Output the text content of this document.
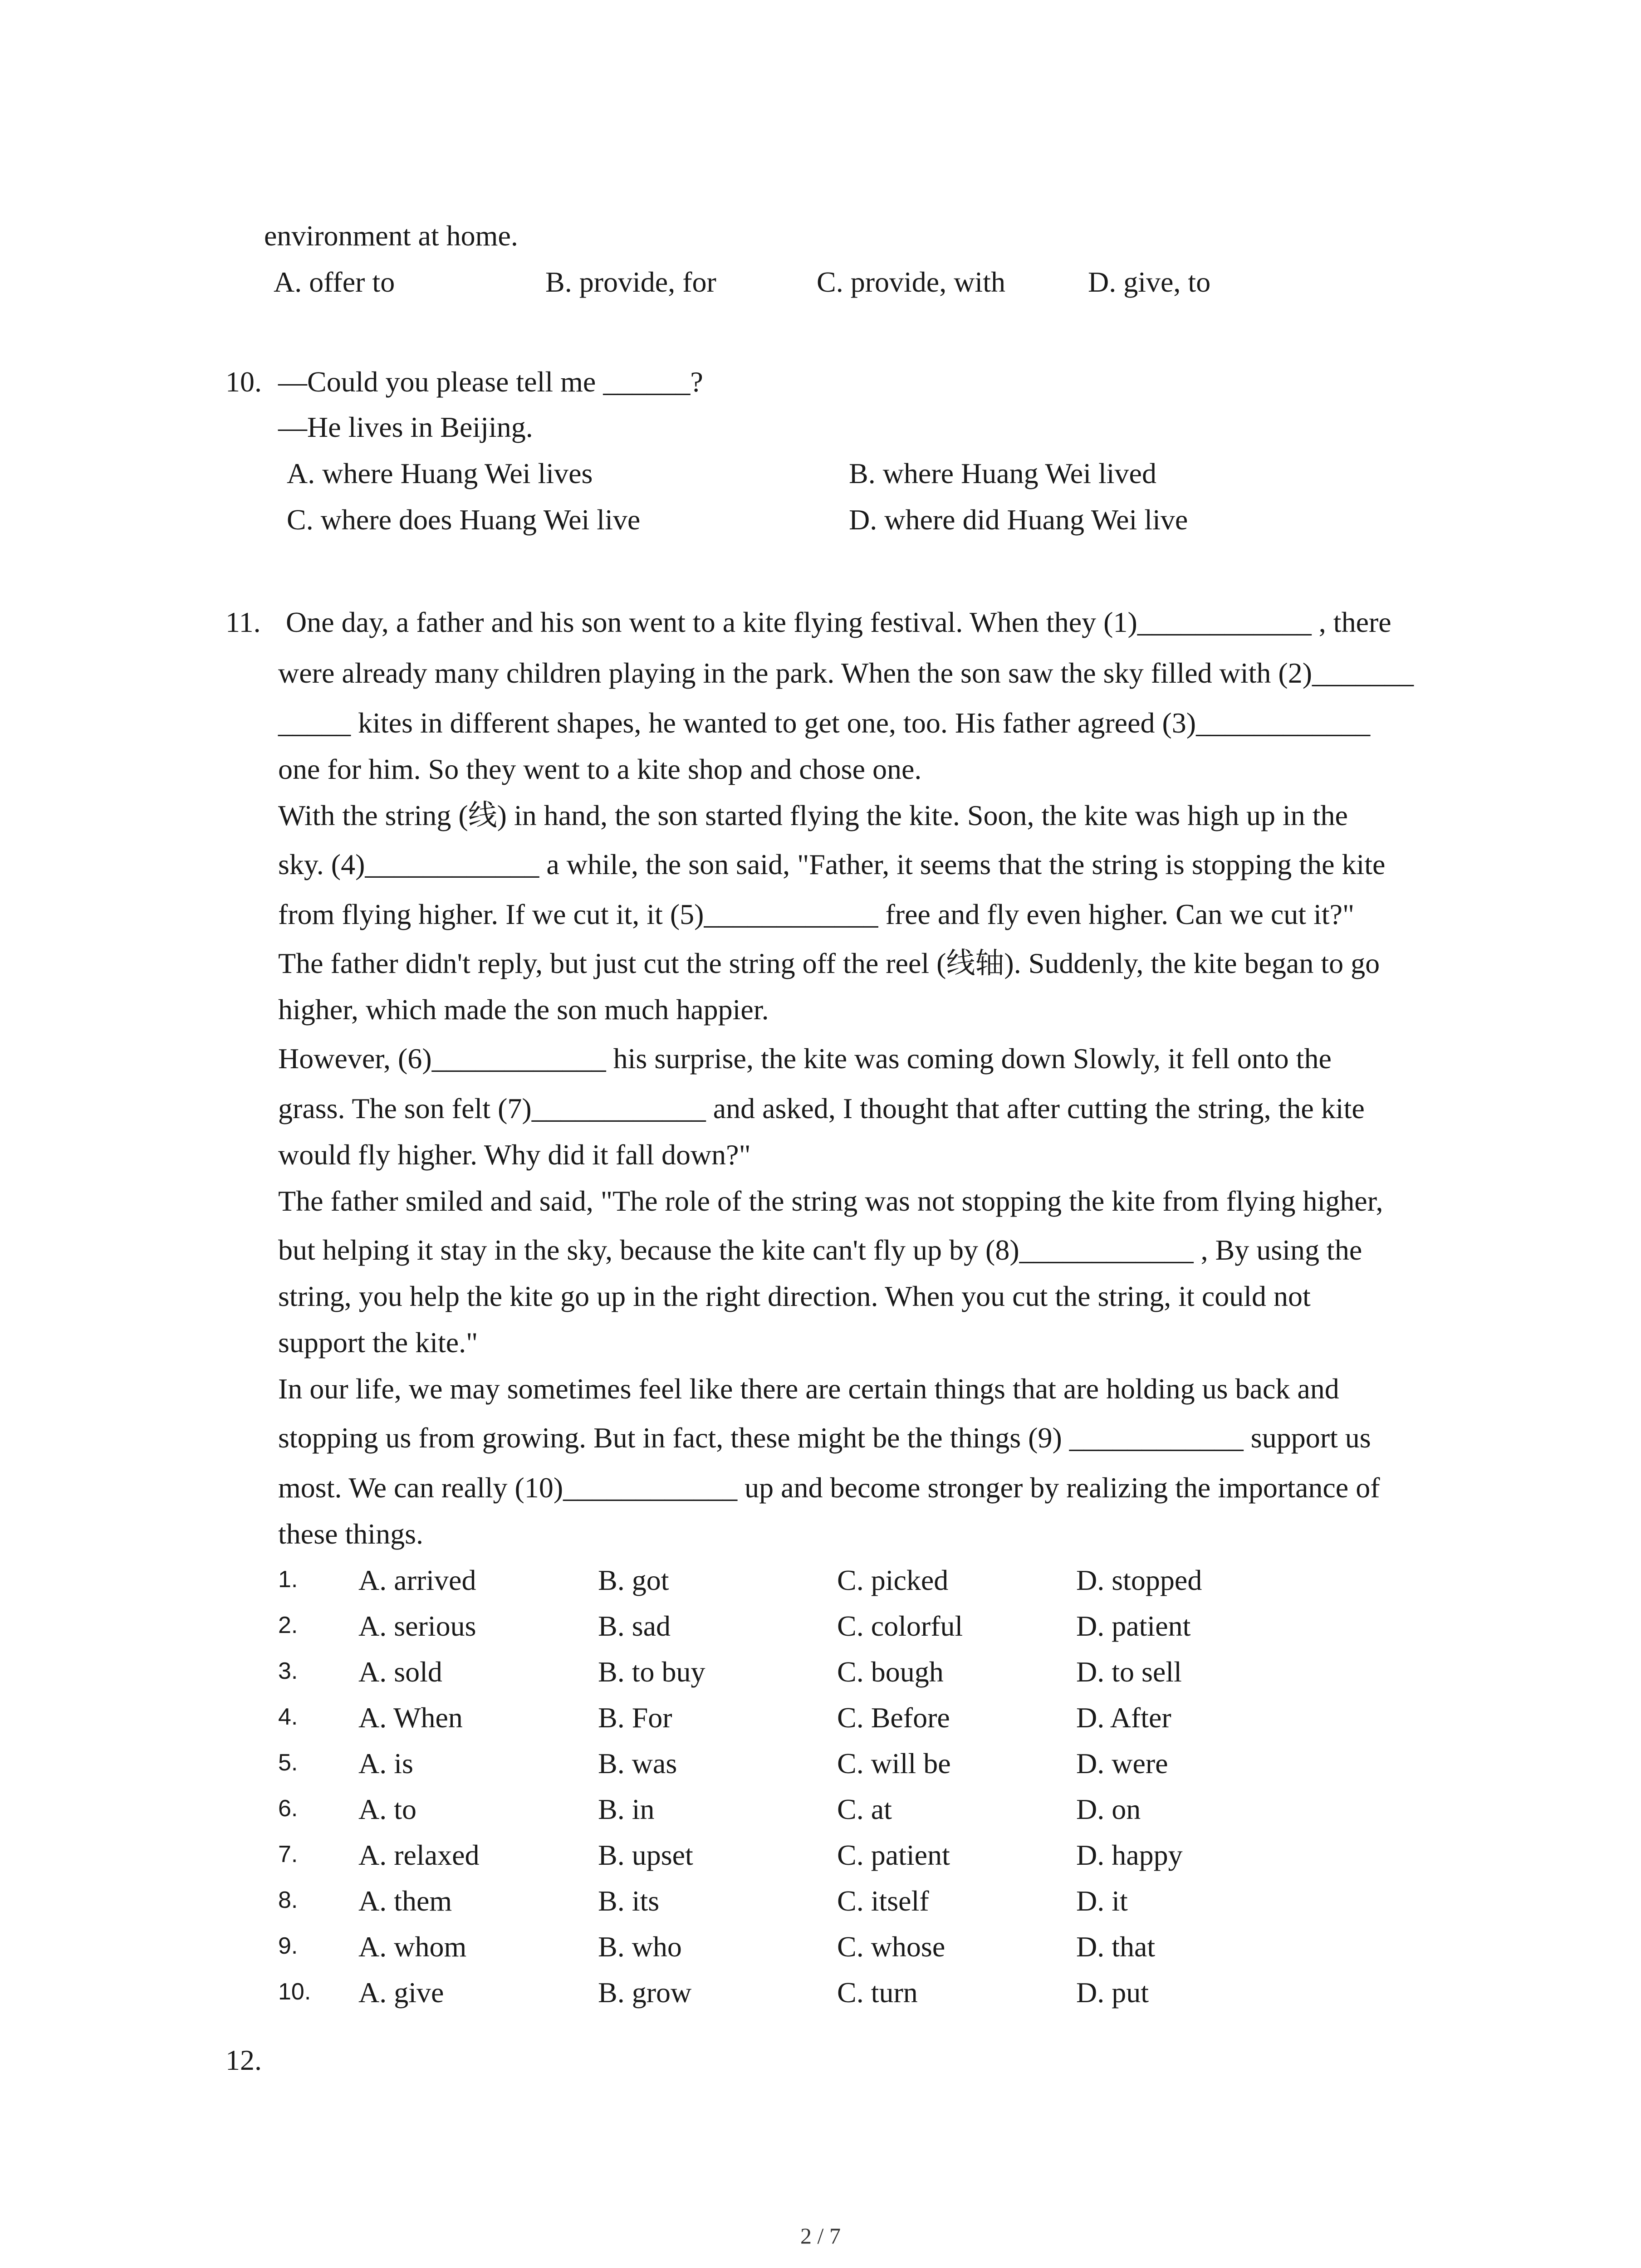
environment at home.
A. offer to	B. provide, for	C. provide, with	D. give, to
10. —Could you please tell me ______?
—He lives in Beijing.
A. where Huang Wei lives	B. where Huang Wei lived
C. where does Huang Wei live	D. where did Huang Wei live
11. One day, a father and his son went to a kite flying festival. When they (1)____________ , there
were already many children playing in the park. When the son saw the sky filled with (2)_______
_____ kites in different shapes, he wanted to get one, too. His father agreed (3)____________
one for him. So they went to a kite shop and chose one.
With the string (线) in hand, the son started flying the kite. Soon, the kite was high up in the
sky. (4)____________ a while, the son said, "Father, it seems that the string is stopping the kite
from flying higher. If we cut it, it (5)____________ free and fly even higher. Can we cut it?"
The father didn't reply, but just cut the string off the reel (线轴). Suddenly, the kite began to go
higher, which made the son much happier.
However, (6)____________ his surprise, the kite was coming down Slowly, it fell onto the
grass. The son felt (7)____________ and asked, I thought that after cutting the string, the kite
would fly higher. Why did it fall down?"
The father smiled and said, "The role of the string was not stopping the kite from flying higher,
but helping it stay in the sky, because the kite can't fly up by (8)____________ , By using the
string, you help the kite go up in the right direction. When you cut the string, it could not
support the kite."
In our life, we may sometimes feel like there are certain things that are holding us back and
stopping us from growing. But in fact, these might be the things (9) ____________ support us
most. We can really (10)____________ up and become stronger by realizing the importance of
these things.
1. A. arrived	B. got	C. picked	D. stopped
2. A. serious	B. sad	C. colorful	D. patient
3. A. sold	B. to buy	C. bough	D. to sell
4. A. When	B. For	C. Before	D. After
5. A. is	B. was	C. will be	D. were
6. A. to	B. in	C. at	D. on
7. A. relaxed	B. upset	C. patient	D. happy
8. A. them	B. its	C. itself	D. it
9. A. whom	B. who	C. whose	D. that
10. A. give	B. grow	C. turn	D. put
12.
2 / 7
